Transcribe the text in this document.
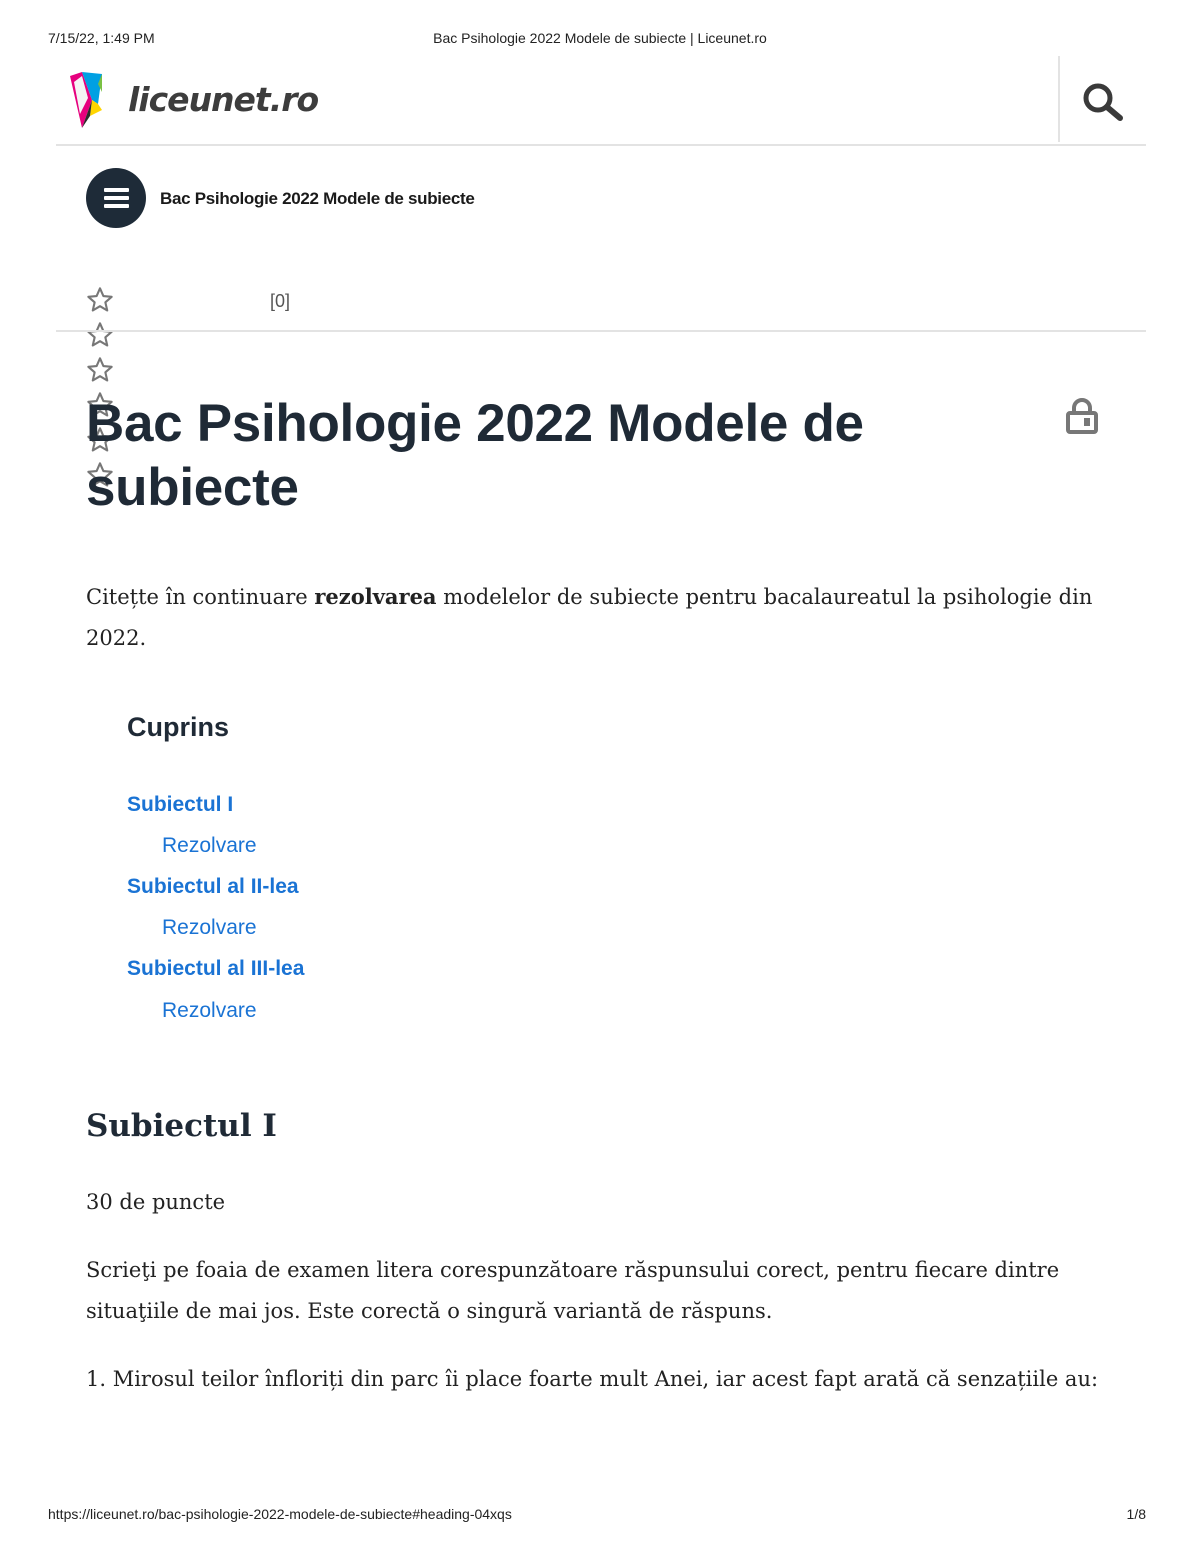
7/15/22, 1:49 PM	Bac Psihologie 2022 Modele de subiecte | Liceunet.ro
liceunet.ro
Bac Psihologie 2022 Modele de subiecte
[0]
Bac Psihologie 2022 Modele de subiecte

Citețte în continuare rezolvarea modelelor de subiecte pentru bacalaureatul la psihologie din 2022.

Cuprins
Subiectul I
Rezolvare
Subiectul al II-lea
Rezolvare
Subiectul al III-lea
Rezolvare
Subiectul I

30 de puncte

Scrieţi pe foaia de examen litera corespunzătoare răspunsului corect, pentru fiecare dintre situaţiile de mai jos. Este corectă o singură variantă de răspuns.

1. Mirosul teilor înfloriți din parc îi place foarte mult Anei, iar acest fapt arată că senzațiile au:

https://liceunet.ro/bac-psihologie-2022-modele-de-subiecte#heading-04xqs	1/8
